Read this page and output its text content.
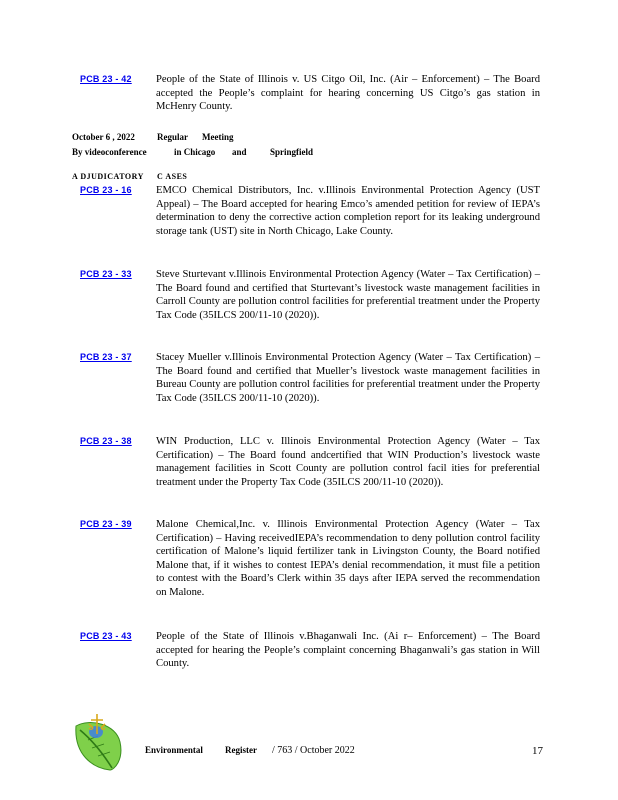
PCB 23 - 42	People of the State of Illinois v. US Citgo Oil, Inc. (Air – Enforcement) – The Board accepted the People’s complaint for hearing concerning US Citgo’s gas station in McHenry County.
October 6 , 2022	Regular	Meeting
By videoconference	in Chicago	and	Springfield
A DJUDICATORY C ASES
PCB 23 - 16	EMCO Chemical Distributors, Inc. v.Illinois Environmental Protection Agency (UST Appeal) – The Board accepted for hearing Emco’s amended petition for review of IEPA’s determination to deny the corrective action completion report for its leaking underground storage tank (UST) site in North Chicago, Lake County.
PCB 23 - 33	Steve Sturtevant v.Illinois Environmental Protection Agency (Water – Tax Certification) – The Board found and certified that Sturtevant’s livestock waste management facilities in Carroll County are pollution control facilities for preferential treatment under the Property Tax Code (35ILCS 200/11-10 (2020)).
PCB 23 - 37	Stacey Mueller v.Illinois Environmental Protection Agency (Water – Tax Certification) – The Board found and certified that Mueller’s livestock waste management facilities in Bureau County are pollution control facilities for preferential treatment under the Property Tax Code (35ILCS 200/11-10 (2020)).
PCB 23 - 38	WIN Production, LLC v. Illinois Environmental Protection Agency (Water – Tax Certification) – The Board found andcertified that WIN Production’s livestock waste management facilities in Scott County are pollution control facil ities for preferential treatment under the Property Tax Code (35ILCS 200/11-10 (2020)).
PCB 23 - 39	Malone Chemical,Inc. v. Illinois Environmental Protection Agency (Water – Tax Certification) – Having receivedIEPA’s recommendation to deny pollution control facility certification of Malone’s liquid fertilizer tank in Livingston County, the Board notified Malone that, if it wishes to contest IEPA’s denial recommendation, it must file a petition to contest with the Board’s Clerk within 35 days after IEPA served the recommendation on Malone.
PCB 23 - 43	People of the State of Illinois v.Bhaganwali Inc. (Ai r– Enforcement) – The Board accepted for hearing the People’s complaint concerning Bhaganwali’s gas station in Will County.
Environmental Register / 763 / October 2022	17
